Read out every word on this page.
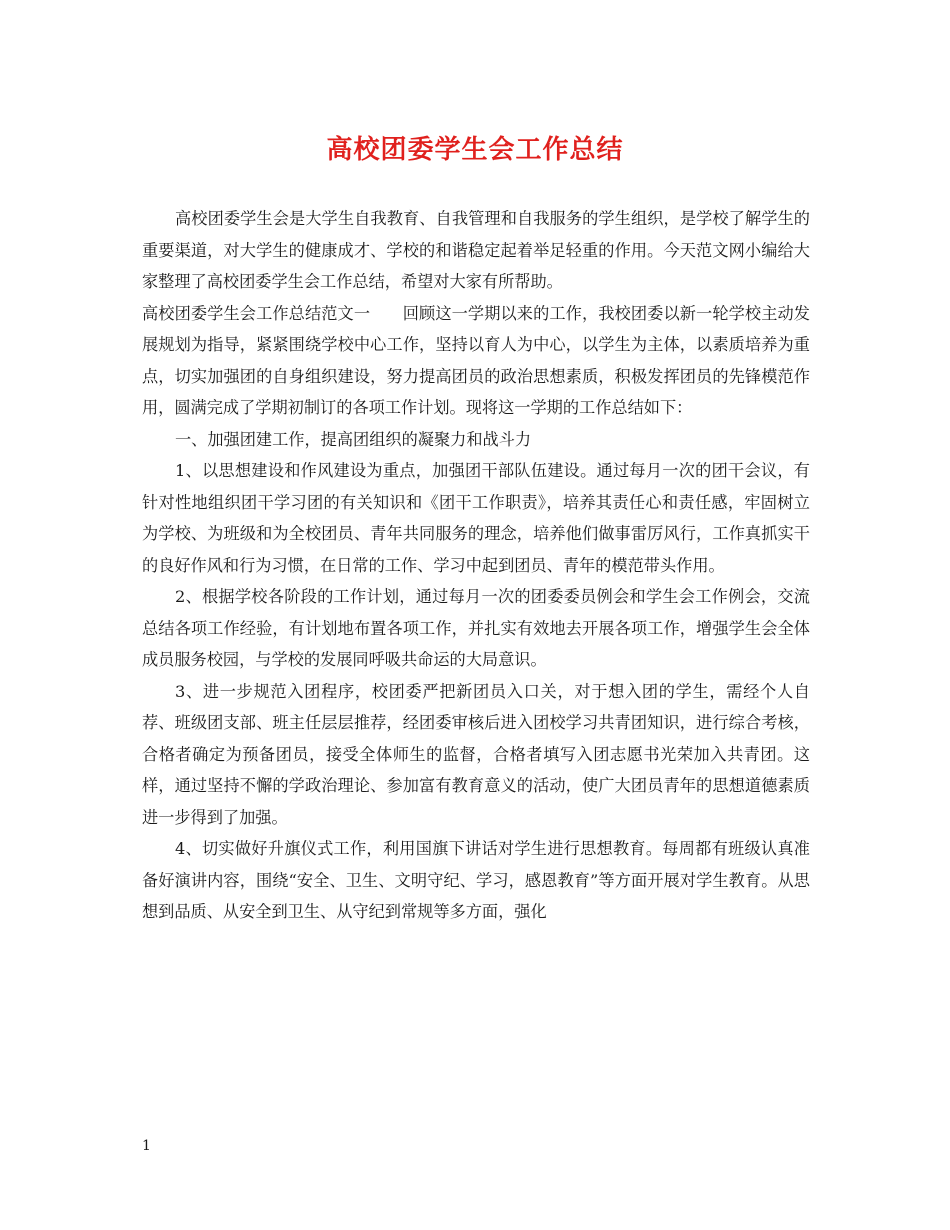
高校团委学生会工作总结

高校团委学生会是大学生自我教育、自我管理和自我服务的学生组织，是学校了解学生的重要渠道，对大学生的健康成才、学校的和谐稳定起着举足轻重的作用。今天范文网小编给大家整理了高校团委学生会工作总结，希望对大家有所帮助。

高校团委学生会工作总结范文一　　回顾这一学期以来的工作，我校团委以新一轮学校主动发展规划为指导，紧紧围绕学校中心工作，坚持以育人为中心，以学生为主体，以素质培养为重点，切实加强团的自身组织建设，努力提高团员的政治思想素质，积极发挥团员的先锋模范作用，圆满完成了学期初制订的各项工作计划。现将这一学期的工作总结如下：

一、加强团建工作，提高团组织的凝聚力和战斗力

1、以思想建设和作风建设为重点，加强团干部队伍建设。通过每月一次的团干会议，有针对性地组织团干学习团的有关知识和《团干工作职责》，培养其责任心和责任感，牢固树立为学校、为班级和为全校团员、青年共同服务的理念，培养他们做事雷厉风行，工作真抓实干的良好作风和行为习惯，在日常的工作、学习中起到团员、青年的模范带头作用。

2、根据学校各阶段的工作计划，通过每月一次的团委委员例会和学生会工作例会，交流总结各项工作经验，有计划地布置各项工作，并扎实有效地去开展各项工作，增强学生会全体成员服务校园，与学校的发展同呼吸共命运的大局意识。

3、进一步规范入团程序，校团委严把新团员入口关，对于想入团的学生，需经个人自荐、班级团支部、班主任层层推荐，经团委审核后进入团校学习共青团知识，进行综合考核，合格者确定为预备团员，接受全体师生的监督，合格者填写入团志愿书光荣加入共青团。这样，通过坚持不懈的学政治理论、参加富有教育意义的活动，使广大团员青年的思想道德素质进一步得到了加强。

4、切实做好升旗仪式工作，利用国旗下讲话对学生进行思想教育。每周都有班级认真准备好演讲内容，围绕“安全、卫生、文明守纪、学习，感恩教育”等方面开展对学生教育。从思想到品质、从安全到卫生、从守纪到常规等多方面，强化

1
